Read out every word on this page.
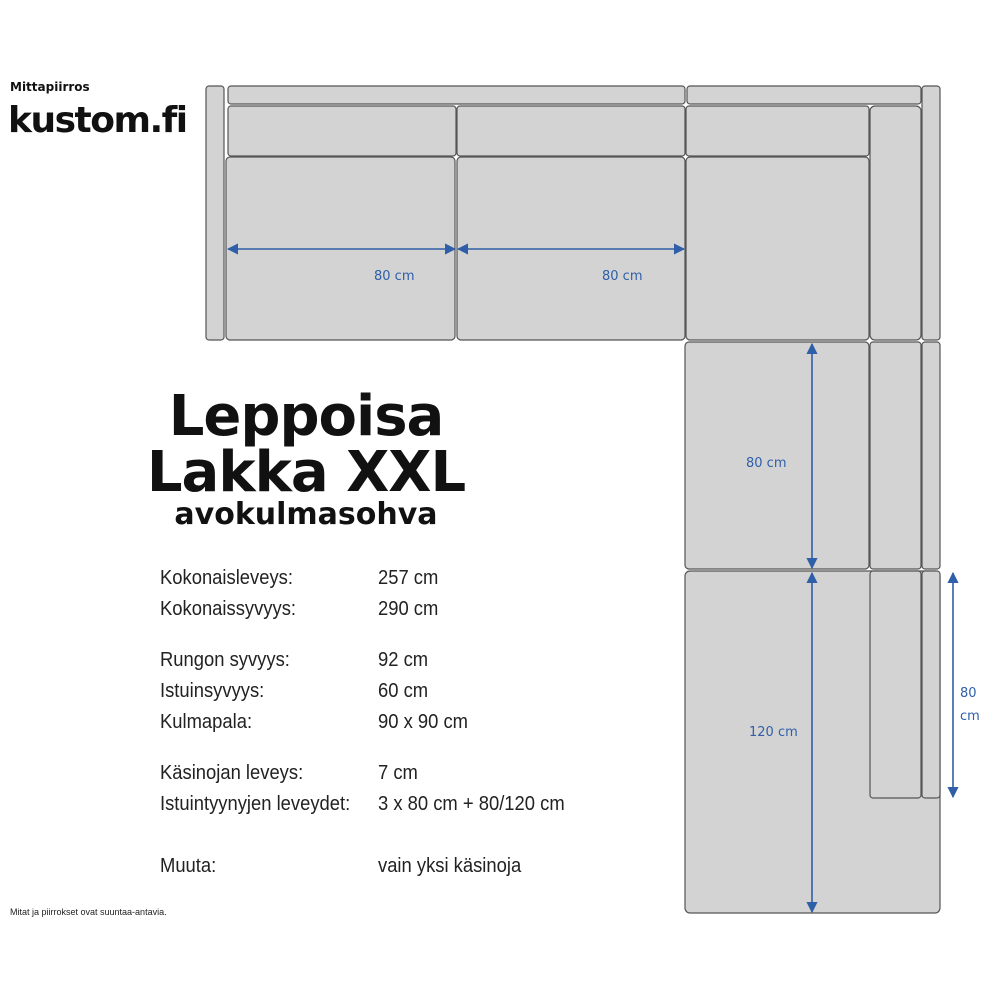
Mittapiirros
kustom.fi
Leppoisa
Lakka XXL
avokulmasohva
Kokonaisleveys:	257 cm
Kokonaissyvyys:	290 cm
Rungon syvyys:	92 cm
Istuinsyvyys:	60 cm
Kulmapala:	90 x 90 cm
Käsinojan leveys:	7 cm
Istuintyynyjen leveydet: 3 x 80 cm + 80/120 cm
Muuta:	vain yksi käsinoja
Mitat ja piirrokset ovat suuntaa-antavia.
80 cm	80 cm
80 cm
120 cm
80
cm
